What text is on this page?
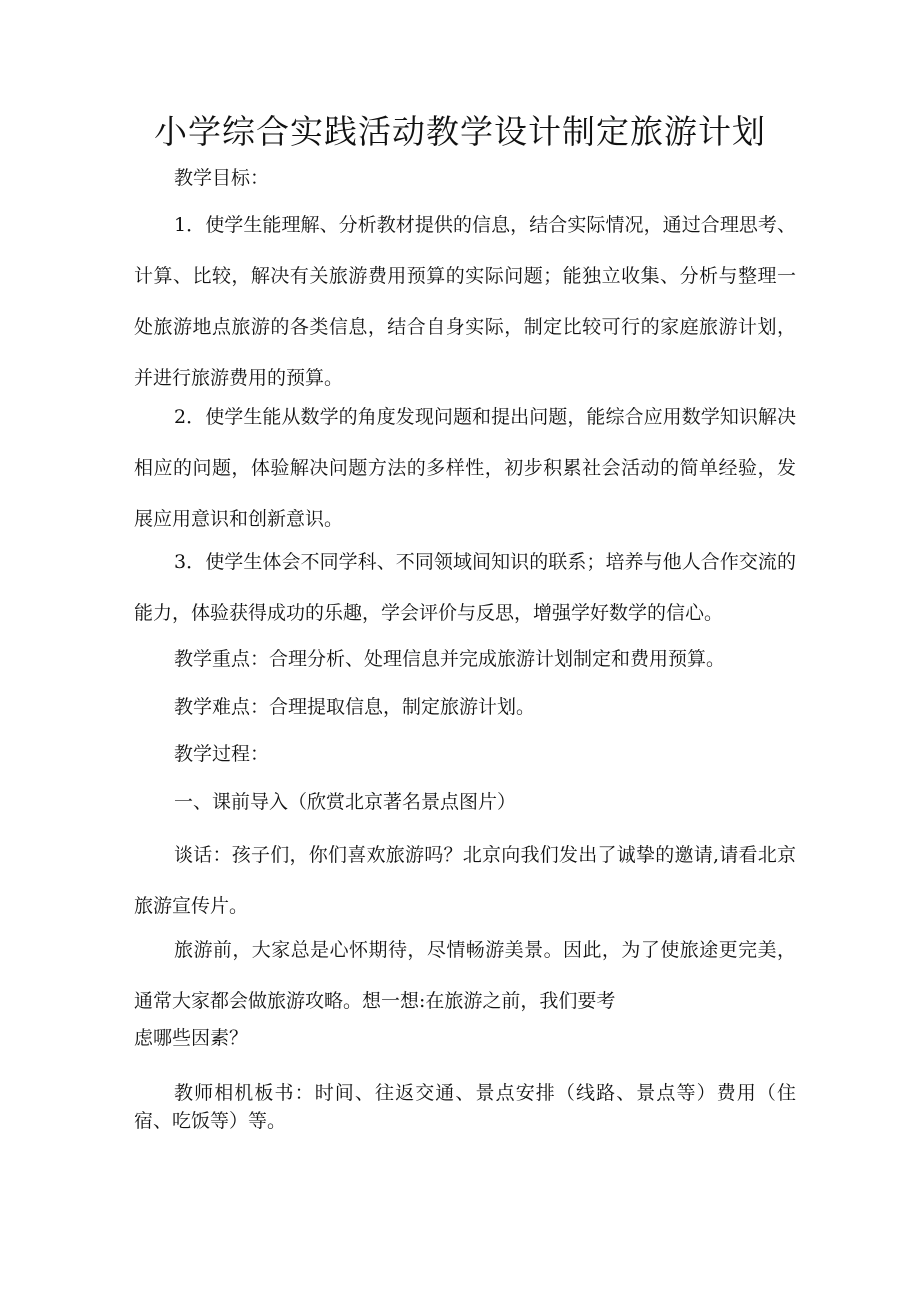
小学综合实践活动教学设计制定旅游计划
教学目标：
1．使学生能理解、分析教材提供的信息，结合实际情况，通过合理思考、计算、比较，解决有关旅游费用预算的实际问题；能独立收集、分析与整理一处旅游地点旅游的各类信息，结合自身实际，制定比较可行的家庭旅游计划，并进行旅游费用的预算。
2．使学生能从数学的角度发现问题和提出问题，能综合应用数学知识解决相应的问题，体验解决问题方法的多样性，初步积累社会活动的简单经验，发展应用意识和创新意识。
3．使学生体会不同学科、不同领域间知识的联系；培养与他人合作交流的能力，体验获得成功的乐趣，学会评价与反思，增强学好数学的信心。
教学重点：合理分析、处理信息并完成旅游计划制定和费用预算。
教学难点：合理提取信息，制定旅游计划。
教学过程：
一、课前导入（欣赏北京著名景点图片）
谈话：孩子们，你们喜欢旅游吗？北京向我们发出了诚挚的邀请,请看北京旅游宣传片。
旅游前，大家总是心怀期待，尽情畅游美景。因此，为了使旅途更完美，通常大家都会做旅游攻略。想一想:在旅游之前，我们要考
虑哪些因素？
教师相机板书：时间、往返交通、景点安排（线路、景点等）费用（住宿、吃饭等）等。
